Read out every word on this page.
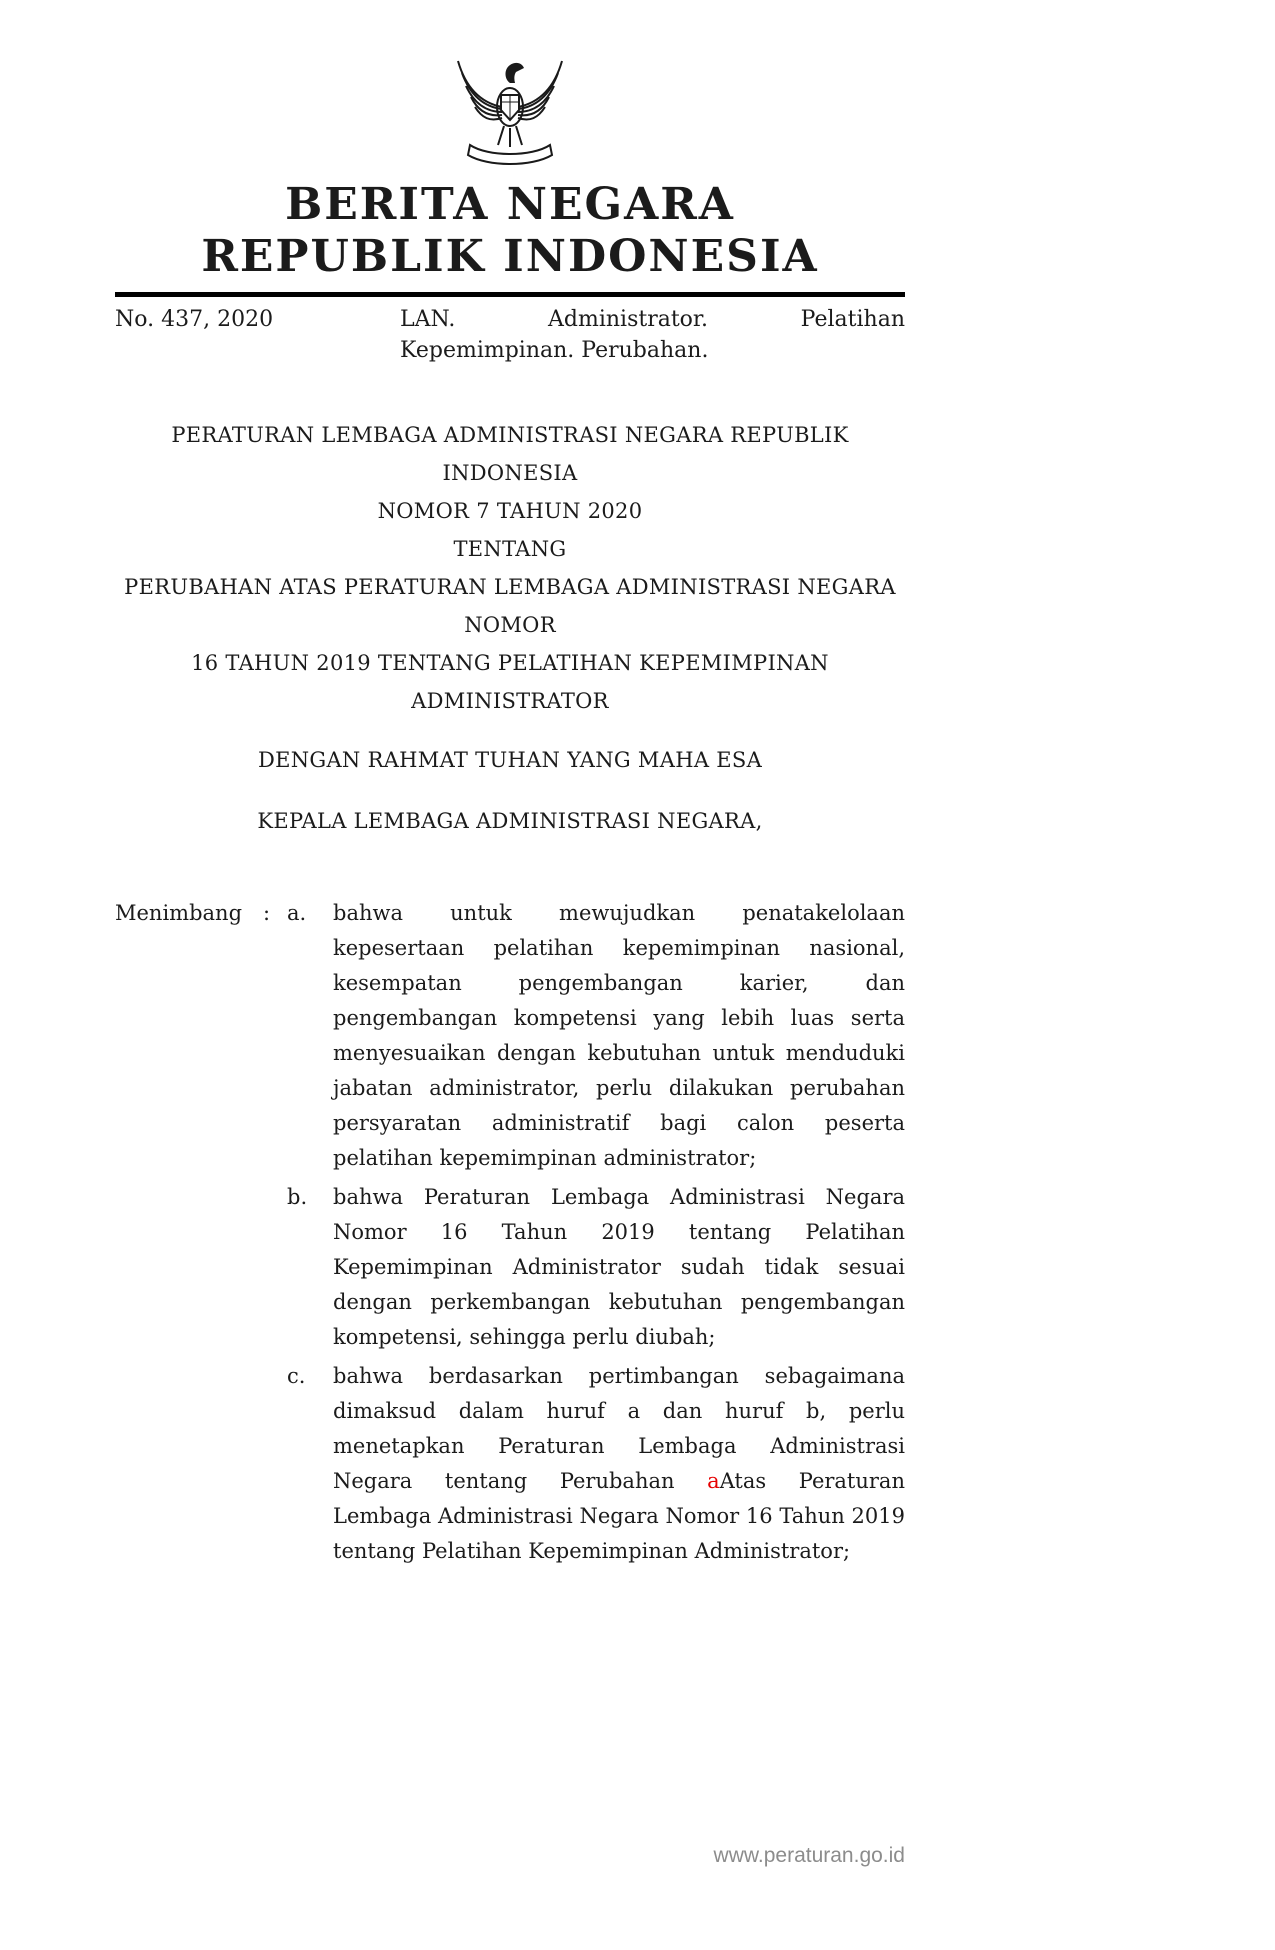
BERITA NEGARA
REPUBLIK INDONESIA
No. 437, 2020	LAN. Administrator. Pelatihan Kepemimpinan. Perubahan.
PERATURAN LEMBAGA ADMINISTRASI NEGARA REPUBLIK INDONESIA
NOMOR 7 TAHUN 2020
TENTANG
PERUBAHAN ATAS PERATURAN LEMBAGA ADMINISTRASI NEGARA NOMOR
16 TAHUN 2019 TENTANG PELATIHAN KEPEMIMPINAN ADMINISTRATOR
DENGAN RAHMAT TUHAN YANG MAHA ESA
KEPALA LEMBAGA ADMINISTRASI NEGARA,
Menimbang : a.	bahwa untuk mewujudkan penatakelolaan kepesertaan pelatihan kepemimpinan nasional, kesempatan pengembangan karier, dan pengembangan kompetensi yang lebih luas serta menyesuaikan dengan kebutuhan untuk menduduki jabatan administrator, perlu dilakukan perubahan persyaratan administratif bagi calon peserta pelatihan kepemimpinan administrator;
b.	bahwa Peraturan Lembaga Administrasi Negara Nomor 16 Tahun 2019 tentang Pelatihan Kepemimpinan Administrator sudah tidak sesuai dengan perkembangan kebutuhan pengembangan kompetensi, sehingga perlu diubah;
c.	bahwa berdasarkan pertimbangan sebagaimana dimaksud dalam huruf a dan huruf b, perlu menetapkan Peraturan Lembaga Administrasi Negara tentang Perubahan aAtas Peraturan Lembaga Administrasi Negara Nomor 16 Tahun 2019 tentang Pelatihan Kepemimpinan Administrator;
www.peraturan.go.id
